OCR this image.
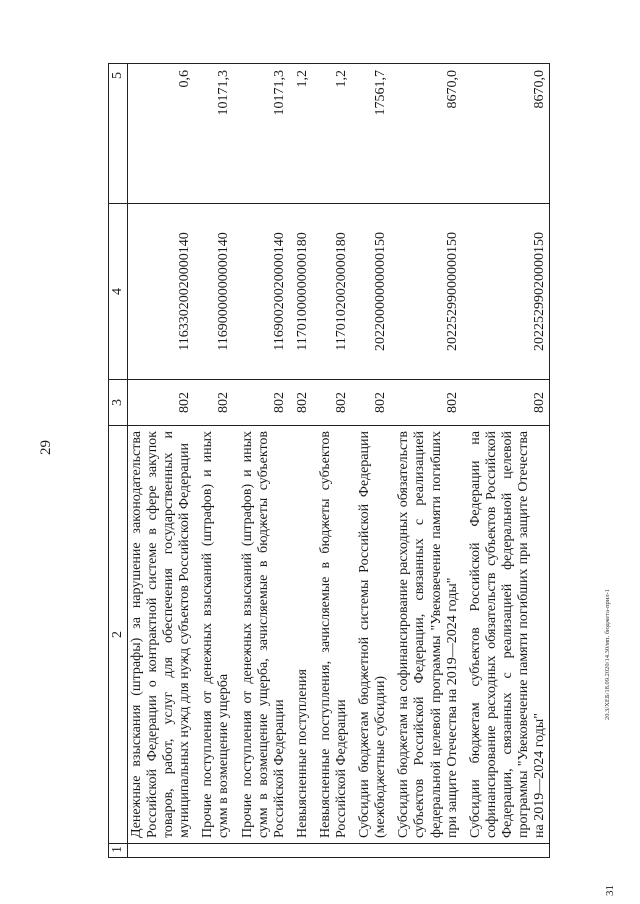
29
20.3/XEБ/18.09.2020/14.30/мп. бюджета-прил-1
31
1	2	3	4	5
	Денежные взыскания (штрафы) за нарушение законодательства Российской Федерации о контрактной системе в сфере закупок товаров, работ, услуг для обеспечения государственных и муниципальных нужд для нужд субъектов Российской Федерации	802	11633020020000140	0,6
	Прочие поступления от денежных взысканий (штрафов) и иных сумм в возмещение ущерба	802	11690000000000140	10171,3
	Прочие поступления от денежных взысканий (штрафов) и иных сумм в возмещение ущерба, зачисляемые в бюджеты субъектов Российской Федерации	802	11690020020000140	10171,3
	Невыясненные поступления	802	11701000000000180	1,2
	Невыясненные поступления, зачисляемые в бюджеты субъектов Российской Федерации	802	11701020020000180	1,2
	Субсидии бюджетам бюджетной системы Российской Федерации (межбюджетные субсидии)	802	20220000000000150	17561,7
	Субсидии бюджетам на софинансирование расходных обязательств субъектов Российской Федерации, связанных с реализацией федеральной целевой программы "Увековечение памяти погибших при защите Отечества на 2019—2024 годы"	802	20225299000000150	8670,0
	Субсидии бюджетам субъектов Российской Федерации на софинансирование расходных обязательств субъектов Российской Федерации, связанных с реализацией федеральной целевой программы "Увековечение памяти погибших при защите Отечества на 2019—2024 годы"	802	20225299020000150	8670,0
